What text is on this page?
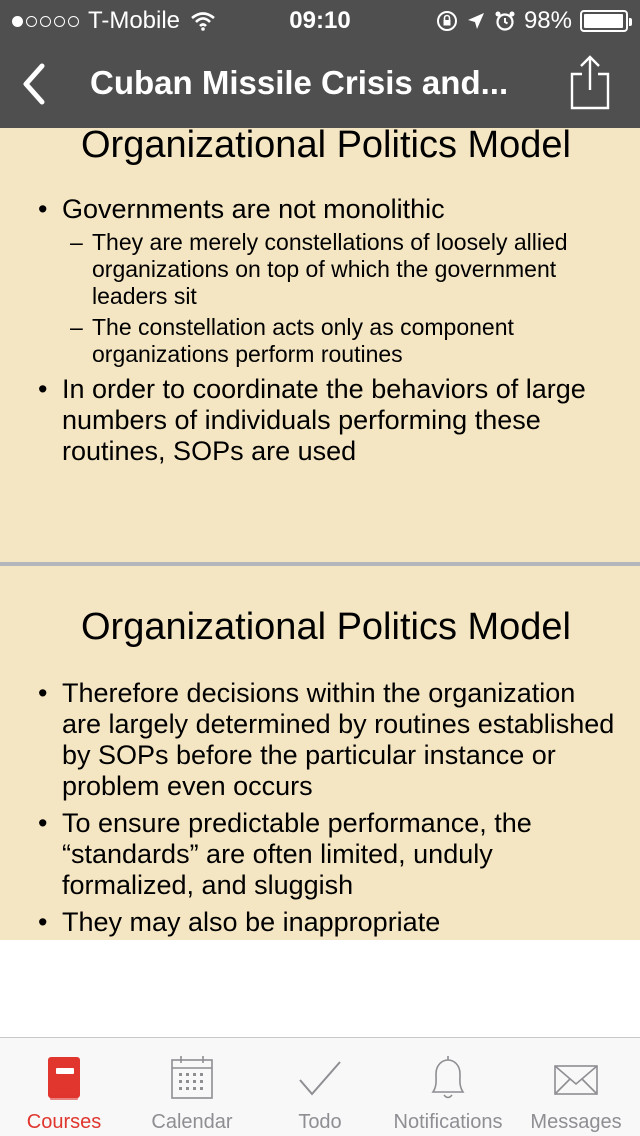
T-Mobile	09:10	98%
Cuban Missile Crisis and...
Organizational Politics Model
• Governments are not monolithic
– They are merely constellations of loosely allied organizations on top of which the government leaders sit
– The constellation acts only as component organizations perform routines
• In order to coordinate the behaviors of large numbers of individuals performing these routines, SOPs are used
Organizational Politics Model
• Therefore decisions within the organization are largely determined by routines established by SOPs before the particular instance or problem even occurs
• To ensure predictable performance, the “standards” are often limited, unduly formalized, and sluggish
• They may also be inappropriate
Courses	Calendar	Todo	Notifications	Messages
